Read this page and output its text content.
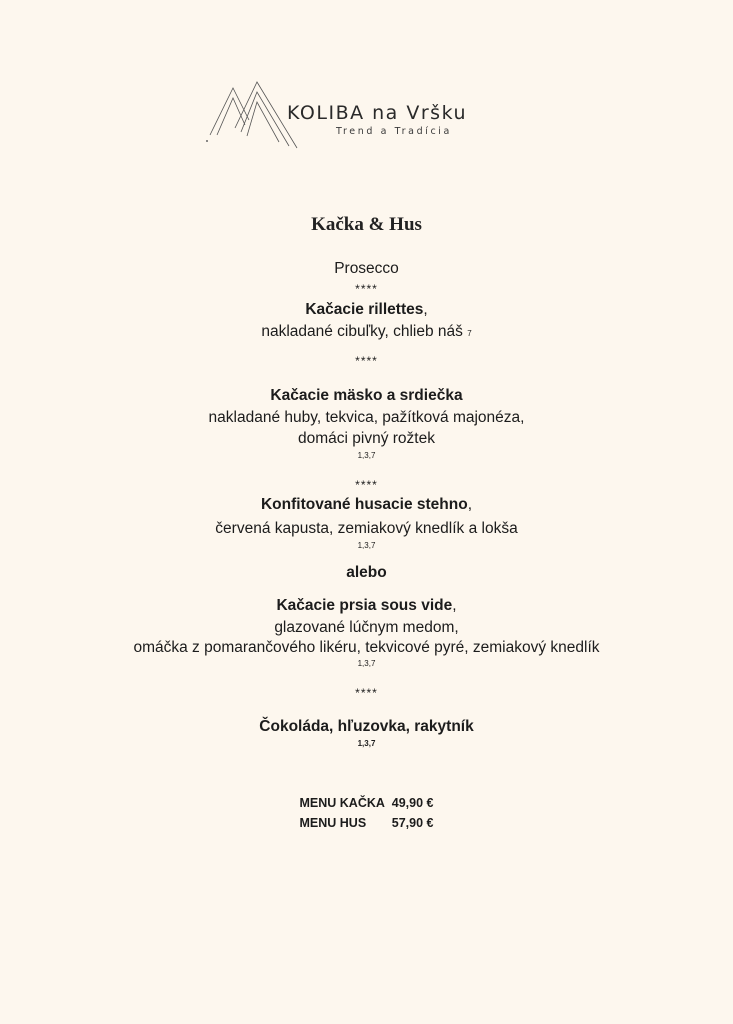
KOLIBA na Vršku
Trend a Tradícia
Kačka & Hus
Prosecco
****
Kačacie rillettes,
nakladané cibuľky, chlieb náš 7
****
Kačacie mäsko a srdiečka
nakladané huby, tekvica, pažítková majonéza,
domáci pivný rožtek
1,3,7
****
Konfitované husacie stehno,
červená kapusta, zemiakový knedlík a lokša
1,3,7
alebo
Kačacie prsia sous vide,
glazované lúčnym medom,
omáčka z pomarančového likéru, tekvicové pyré, zemiakový knedlík
1,3,7
****
Čokoláda, hľuzovka, rakytník
1,3,7
MENU KAČKA 49,90 €
MENU HUS 57,90 €
